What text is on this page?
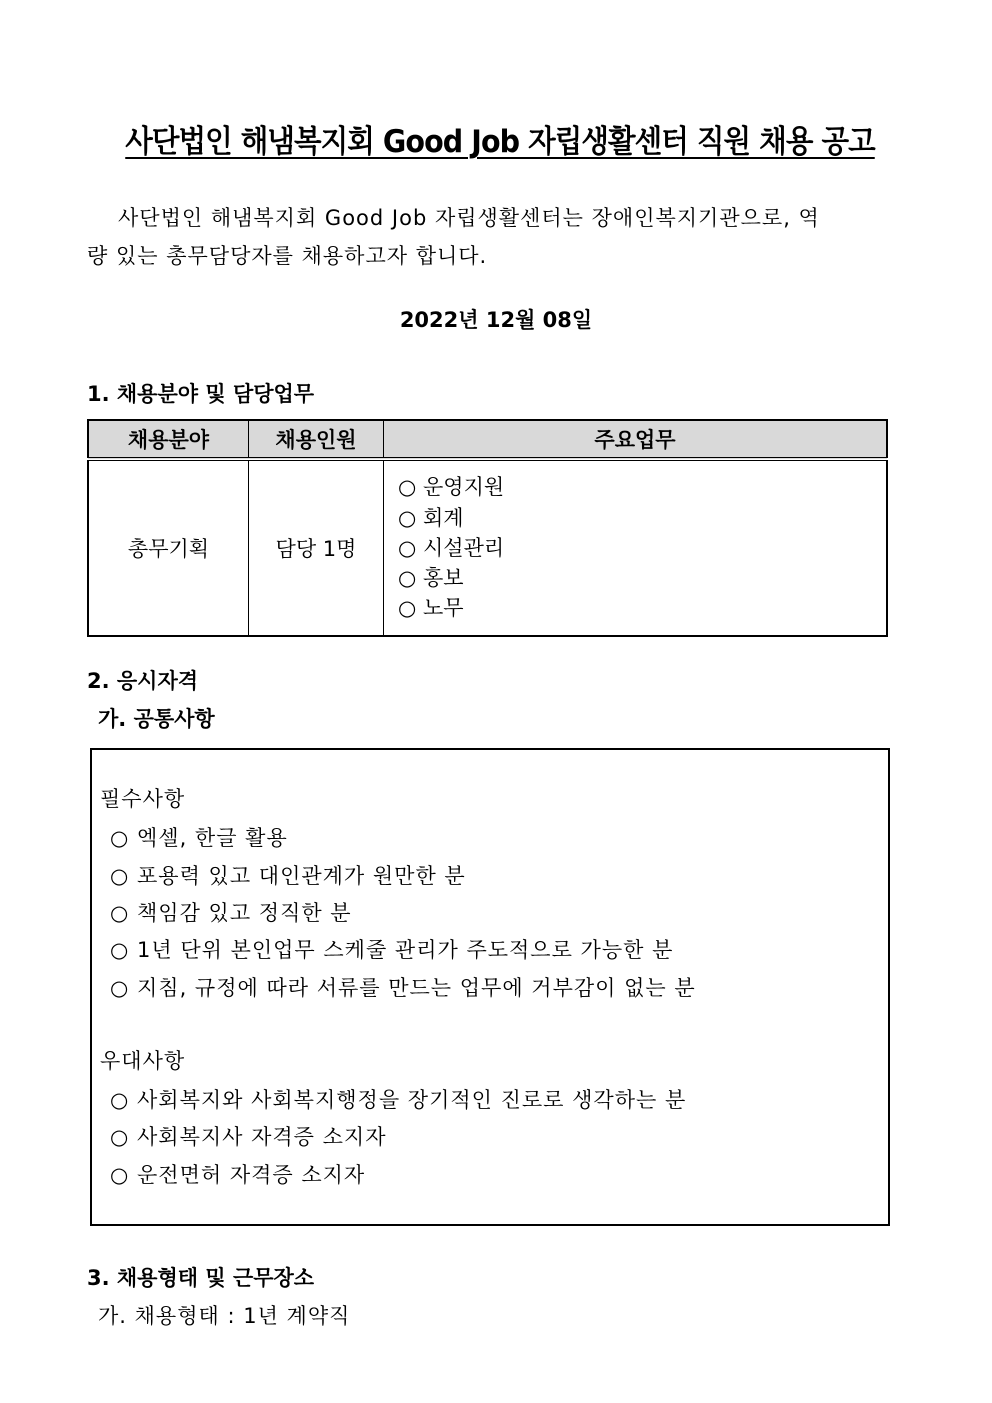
사단법인 해냄복지회 Good Job 자립생활센터 직원 채용 공고
사단법인 해냄복지회 Good Job 자립생활센터는 장애인복지기관으로, 역
량 있는 총무담당자를 채용하고자 합니다.
2022년 12월 08일
1. 채용분야 및 담당업무
채용분야	채용인원	주요업무
총무기획	담당 1명	○ 운영지원
○ 회계
○ 시설관리
○ 홍보
○ 노무
2. 응시자격
가. 공통사항
필수사항
○ 엑셀, 한글 활용
○ 포용력 있고 대인관계가 원만한 분
○ 책임감 있고 정직한 분
○ 1년 단위 본인업무 스케줄 관리가 주도적으로 가능한 분
○ 지침, 규정에 따라 서류를 만드는 업무에 거부감이 없는 분
우대사항
○ 사회복지와 사회복지행정을 장기적인 진로로 생각하는 분
○ 사회복지사 자격증 소지자
○ 운전면허 자격증 소지자
3. 채용형태 및 근무장소
가. 채용형태 : 1년 계약직
